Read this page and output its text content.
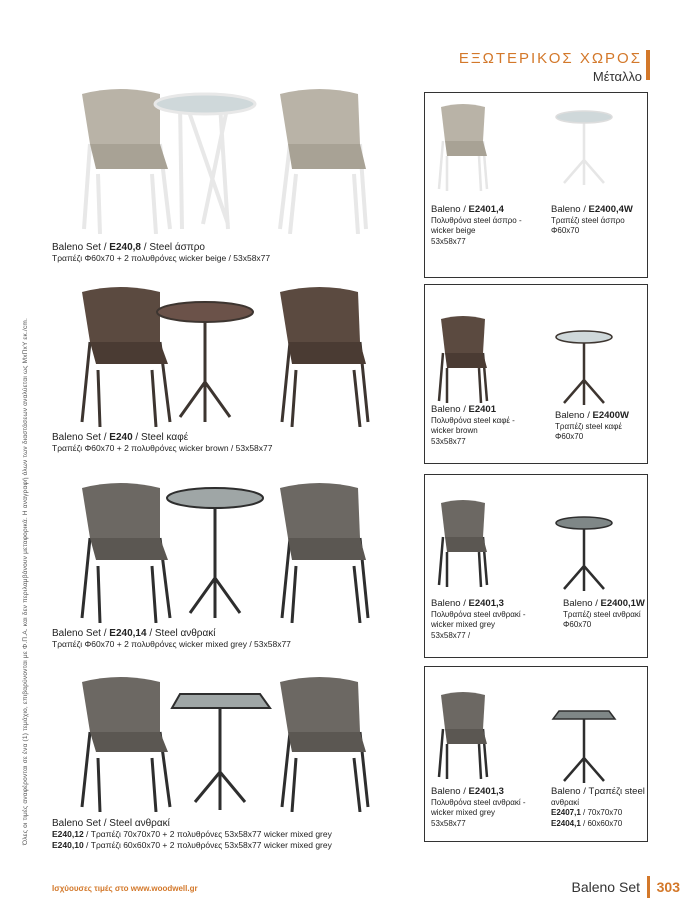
ΕΞΩΤΕΡΙΚΟΣ ΧΩΡΟΣ
Μέταλλο
Όλες οι τιμές αναφέρονται σε ένα (1) τεμάχιο, επιβαρύνονται με Φ.Π.Α. και δεν περιλαμβάνουν μεταφορικά. Η αναγραφή όλων των διαστάσεων αναλύεται ως ΜxΠxΥ εκ./cm.
Baleno Set / E240,8 / Steel άσπρο
Τραπέζι Φ60x70 + 2 πολυθρόνες wicker beige / 53x58x77
Baleno Set / E240 / Steel καφέ
Τραπέζι Φ60x70 + 2 πολυθρόνες wicker brown / 53x58x77
Baleno Set / E240,14 / Steel ανθρακί
Τραπέζι Φ60x70 + 2 πολυθρόνες wicker mixed grey / 53x58x77
Baleno Set / Steel ανθρακί
E240,12 / Τραπέζι 70x70x70 + 2 πολυθρόνες 53x58x77 wicker mixed grey
E240,10 / Τραπέζι 60x60x70 + 2 πολυθρόνες 53x58x77 wicker mixed grey
Baleno / E2401,4
Πολυθρόνα steel άσπρο -
wicker beige
53x58x77
Baleno / E2400,4W
Τραπέζι steel άσπρο
Φ60x70
Baleno / E2401
Πολυθρόνα steel καφέ -
wicker brown
53x58x77
Baleno / E2400W
Τραπέζι steel καφέ
Φ60x70
Baleno / E2401,3
Πολυθρόνα steel ανθρακί -
wicker mixed grey
53x58x77 /
Baleno / E2400,1W
Τραπέζι steel ανθρακί
Φ60x70
Baleno / E2401,3
Πολυθρόνα steel ανθρακί -
wicker mixed grey
53x58x77
Baleno / Τραπέζι steel
ανθρακί
E2407,1 / 70x70x70
E2404,1 / 60x60x70
Ισχύουσες τιμές στο www.woodwell.gr	Baleno Set 303
